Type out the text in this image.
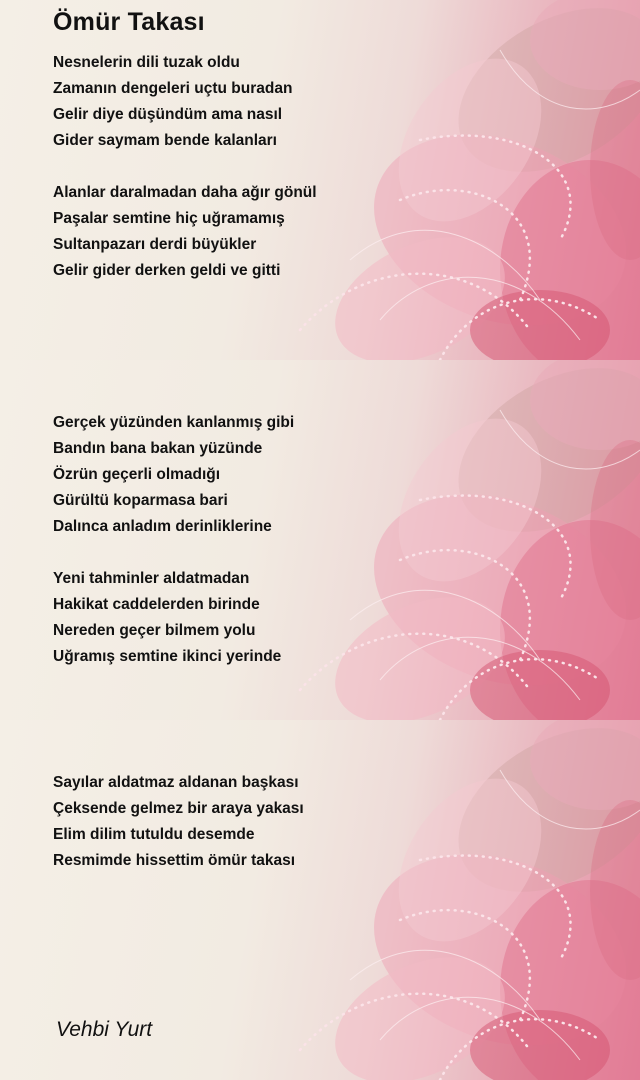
Ömür Takası
Nesnelerin dili tuzak oldu
Zamanın dengeleri uçtu buradan
Gelir diye düşündüm ama nasıl
Gider saymam bende kalanları
Alanlar daralmadan daha ağır gönül
Paşalar semtine hiç uğramamış
Sultanpazarı derdi büyükler
Gelir gider derken geldi ve gitti
Gerçek yüzünden kanlanmış gibi
Bandın bana bakan yüzünde
Özrün geçerli olmadığı
Gürültü koparmasa bari
Dalınca anladım derinliklerine
Yeni tahminler aldatmadan
Hakikat caddelerden birinde
Nereden geçer bilmem yolu
Uğramış semtine ikinci yerinde
Sayılar aldatmaz aldanan başkası
Çeksende gelmez bir araya yakası
Elim dilim tutuldu desemde
Resmimde hissettim ömür takası
Vehbi Yurt
